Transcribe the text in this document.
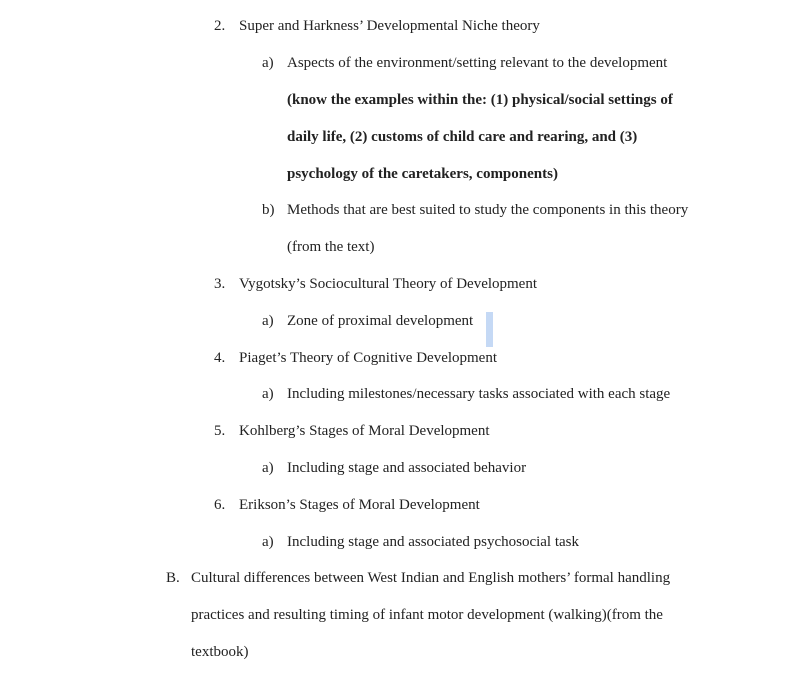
2. Super and Harkness’ Developmental Niche theory
a) Aspects of the environment/setting relevant to the development
(know the examples within the: (1) physical/social settings of
daily life, (2) customs of child care and rearing, and (3)
psychology of the caretakers, components)
b) Methods that are best suited to study the components in this theory
(from the text)
3. Vygotsky’s Sociocultural Theory of Development
a) Zone of proximal development
4. Piaget’s Theory of Cognitive Development
a) Including milestones/necessary tasks associated with each stage
5. Kohlberg’s Stages of Moral Development
a) Including stage and associated behavior
6. Erikson’s Stages of Moral Development
a) Including stage and associated psychosocial task
B. Cultural differences between West Indian and English mothers’ formal handling
practices and resulting timing of infant motor development (walking)(from the
textbook)
